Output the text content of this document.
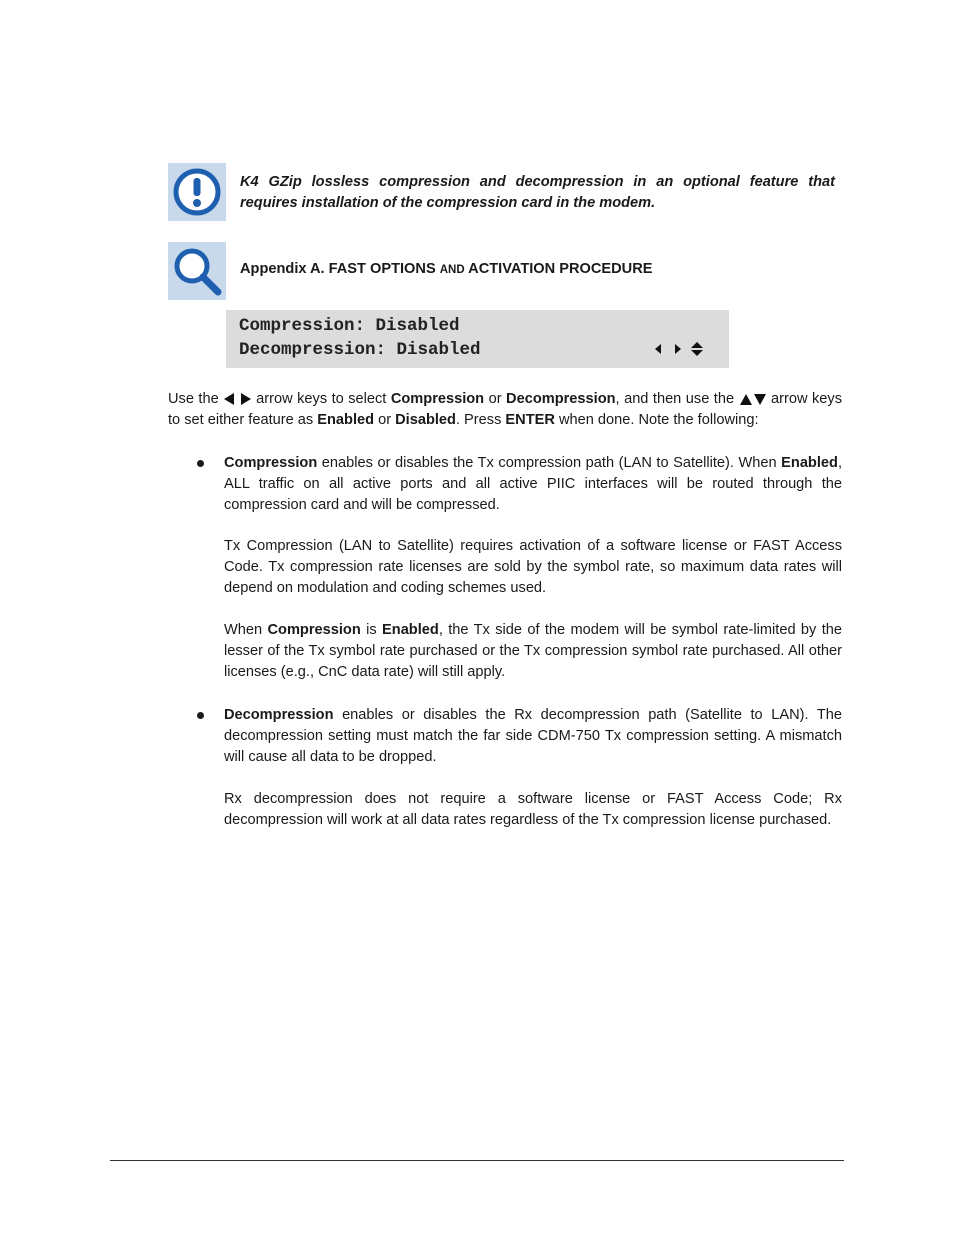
K4 GZip lossless compression and decompression in an optional feature that requires installation of the compression card in the modem.
Appendix A. FAST OPTIONS AND ACTIVATION PROCEDURE
Compression: Disabled
Decompression: Disabled

Use the   arrow keys to select Compression or Decompression, and then use the  arrow keys to set either feature as Enabled or Disabled. Press ENTER when done. Note the following:
Compression enables or disables the Tx compression path (LAN to Satellite). When Enabled, ALL traffic on all active ports and all active PIIC interfaces will be routed through the compression card and will be compressed.
Tx Compression (LAN to Satellite) requires activation of a software license or FAST Access Code. Tx compression rate licenses are sold by the symbol rate, so maximum data rates will depend on modulation and coding schemes used.
When Compression is Enabled, the Tx side of the modem will be symbol rate-limited by the lesser of the Tx symbol rate purchased or the Tx compression symbol rate purchased. All other licenses (e.g., CnC data rate) will still apply.
Decompression enables or disables the Rx decompression path (Satellite to LAN). The decompression setting must match the far side CDM-750 Tx compression setting. A mismatch will cause all data to be dropped.
Rx decompression does not require a software license or FAST Access Code; Rx decompression will work at all data rates regardless of the Tx compression license purchased.
